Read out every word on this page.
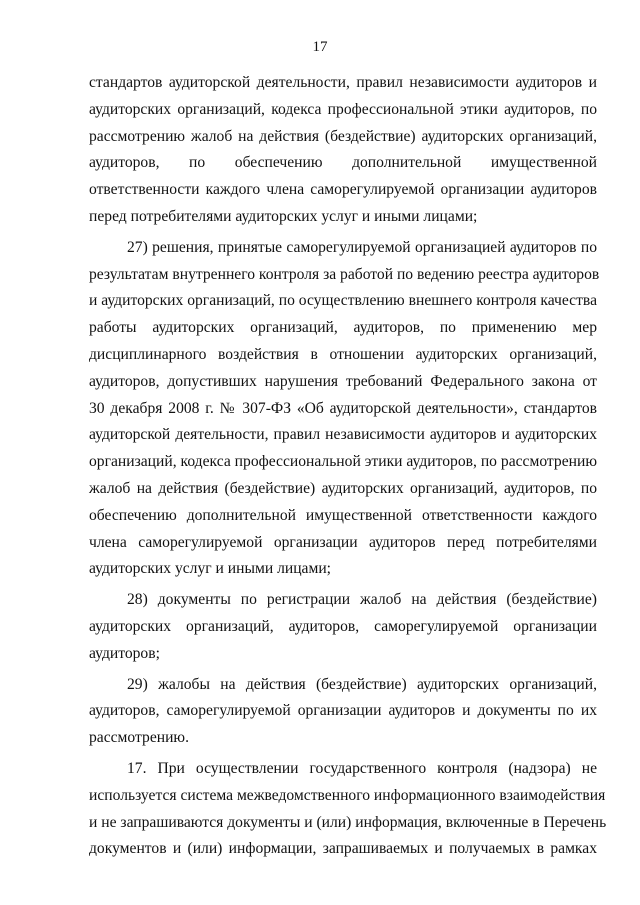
17
стандартов аудиторской деятельности, правил независимости аудиторов и
аудиторских организаций, кодекса профессиональной этики аудиторов, по
рассмотрению жалоб на действия (бездействие) аудиторских организаций,
аудиторов, по обеспечению дополнительной имущественной
ответственности каждого члена саморегулируемой организации аудиторов
перед потребителями аудиторских услуг и иными лицами;
27) решения, принятые саморегулируемой организацией аудиторов по
результатам внутреннего контроля за работой по ведению реестра аудиторов
и аудиторских организаций, по осуществлению внешнего контроля качества
работы аудиторских организаций, аудиторов, по применению мер
дисциплинарного воздействия в отношении аудиторских организаций,
аудиторов, допустивших нарушения требований Федерального закона от
30 декабря 2008 г. № 307-ФЗ «Об аудиторской деятельности», стандартов
аудиторской деятельности, правил независимости аудиторов и аудиторских
организаций, кодекса профессиональной этики аудиторов, по рассмотрению
жалоб на действия (бездействие) аудиторских организаций, аудиторов, по
обеспечению дополнительной имущественной ответственности каждого
члена саморегулируемой организации аудиторов перед потребителями
аудиторских услуг и иными лицами;
28) документы по регистрации жалоб на действия (бездействие)
аудиторских организаций, аудиторов, саморегулируемой организации
аудиторов;
29) жалобы на действия (бездействие) аудиторских организаций,
аудиторов, саморегулируемой организации аудиторов и документы по их
рассмотрению.
17. При осуществлении государственного контроля (надзора) не
используется система межведомственного информационного взаимодействия
и не запрашиваются документы и (или) информация, включенные в Перечень
документов и (или) информации, запрашиваемых и получаемых в рамках
